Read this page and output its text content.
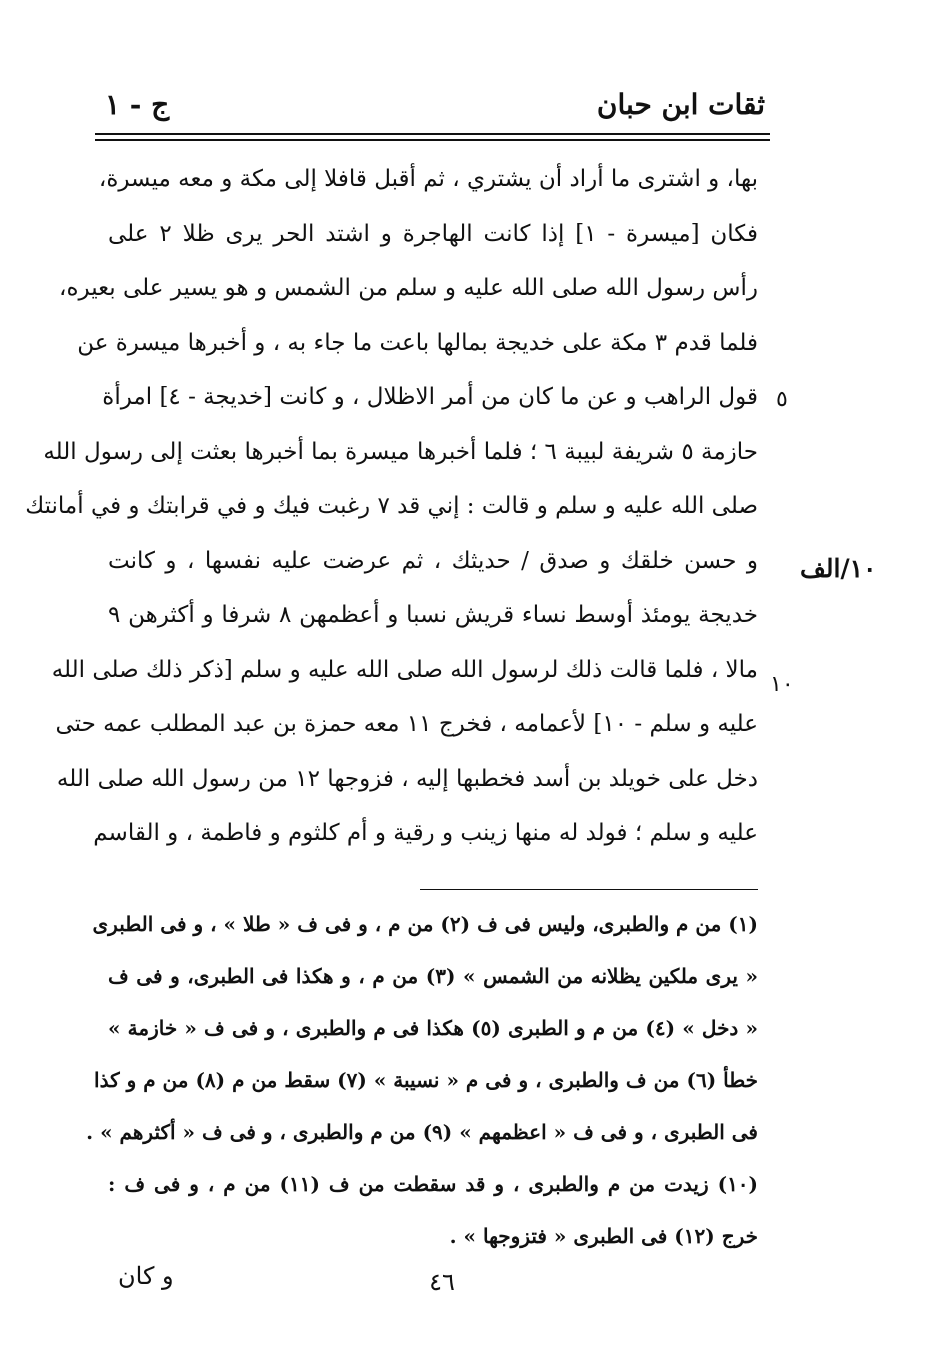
ثقات ابن حبان
ج - ١
بها، و اشترى ما أراد أن يشتري ، ثم أقبل قافلا إلى مكة و معه ميسرة،
فكان [ميسرة - ١] إذا كانت الهاجرة و اشتد الحر يرى ظلا ٢ على
رأس رسول الله صلى الله عليه و سلم من الشمس و هو يسير على بعيره،
فلما قدم ٣ مكة على خديجة بمالها باعت ما جاء به ، و أخبرها ميسرة عن
قول الراهب و عن ما كان من أمر الاظلال ، و كانت [خديجة - ٤] امرأة
حازمة ٥ شريفة لبيبة ٦ ؛ فلما أخبرها ميسرة بما أخبرها بعثت إلى رسول الله
صلى الله عليه و سلم و قالت : إني قد ٧ رغبت فيك و في قرابتك و في أمانتك
و حسن خلقك و صدق / حديثك ، ثم عرضت عليه نفسها ، و كانت
خديجة يومئذ أوسط نساء قريش نسبا و أعظمهن ٨ شرفا و أكثرهن ٩
مالا ، فلما قالت ذلك لرسول الله صلى الله عليه و سلم [ذكر ذلك صلى الله
عليه و سلم - ١٠] لأعمامه ، فخرج ١١ معه حمزة بن عبد المطلب عمه حتى
دخل على خويلد بن أسد فخطبها إليه ، فزوجها ١٢ من رسول الله صلى الله
عليه و سلم ؛ فولد له منها زينب و رقية و أم كلثوم و فاطمة ، و القاسم
٥
١٠
١٠/الف
(١) من م والطبرى، وليس فى ف (٢) من م ، و فى ف « طلا » ، و فى الطبرى
« يرى ملكين يظلانه من الشمس » (٣) من م ، و هكذا فى الطبرى، و فى ف
« دخل » (٤) من م و الطبرى (٥) هكذا فى م والطبرى ، و فى ف « خازمة »
خطأ (٦) من ف والطبرى ، و فى م « نسيبة » (٧) سقط من م (٨) من م و كذا
فى الطبرى ، و فى ف « اعظمهم » (٩) من م والطبرى ، و فى ف « أكثرهم » .
(١٠) زيدت من م والطبرى ، و قد سقطت من ف (١١) من م ، و فى ف :
خرج (١٢) فى الطبرى « فتزوجها » .
و كان	٤٦
